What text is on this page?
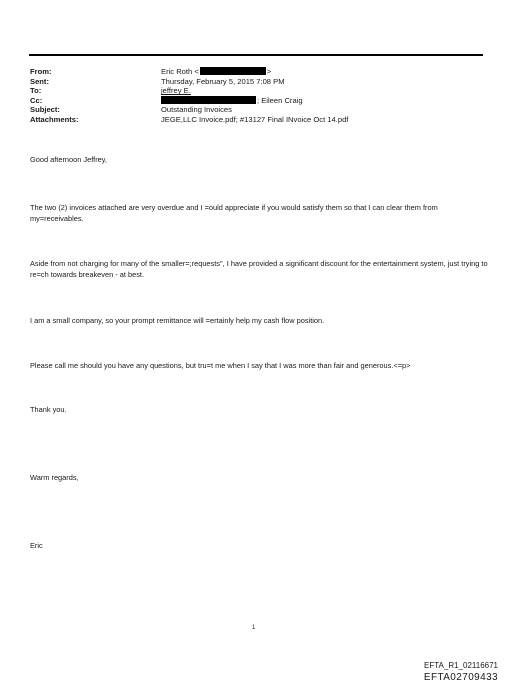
From:	Eric Roth <	>
Sent:	Thursday, February 5, 2015 7:08 PM
To:	jeffrey E.
Cc:	; Eileen Craig
Subject:	Outstanding Invoices
Attachments:	JEGE,LLC Invoice.pdf; #13127 Final INvoice Oct 14.pdf

Good afternoon Jeffrey,

The two (2) invoices attached are very overdue and I =ould appreciate if you would satisfy them so that I can clear them from my=receivables.

Aside from not charging for many of the smaller=;requests", I have provided a significant discount for the entertainment system, just trying to re=ch towards breakeven - at best.

I am a small company, so your prompt remittance will =ertainly help my cash flow position.

Please call me should you have any questions, but tru=t me when I say that I was more than fair and generous.<=p>

Thank you.

Warm regards,

Eric

1
EFTA_R1_02116671
EFTA02709433
